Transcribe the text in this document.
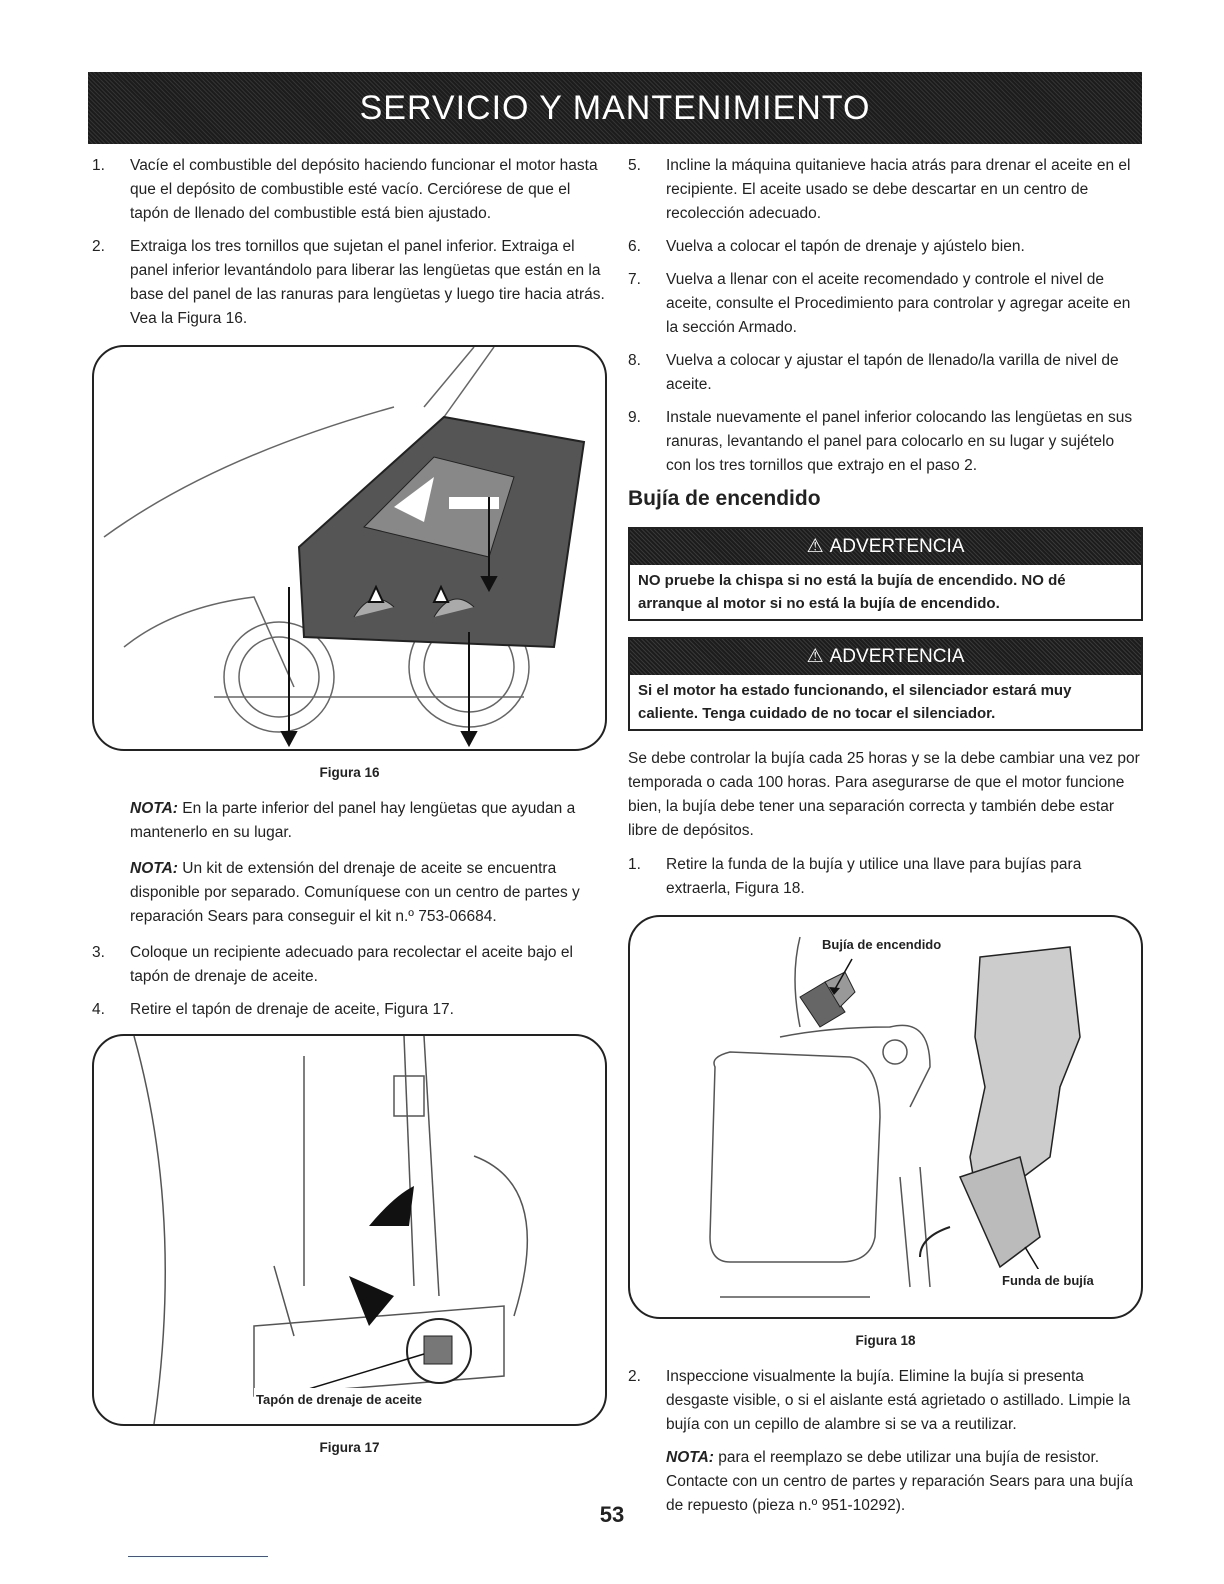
SERVICIO Y MANTENIMIENTO
1.	Vacíe el combustible del depósito haciendo funcionar el motor hasta que el depósito de combustible esté vacío. Cerciórese de que el tapón de llenado del combustible está bien ajustado.
2.	Extraiga los tres tornillos que sujetan el panel inferior. Extraiga el panel inferior levantándolo para liberar las lengüetas que están en la base del panel de las ranuras para lengüetas y luego tire hacia atrás. Vea la Figura 16.
Figura 16
NOTA: En la parte inferior del panel hay lengüetas que ayudan a mantenerlo en su lugar.
NOTA: Un kit de extensión del drenaje de aceite se encuentra disponible por separado. Comuníquese con un centro de partes y reparación Sears para conseguir el kit n.º 753-06684.
3.	Coloque un recipiente adecuado para recolectar el aceite bajo el tapón de drenaje de aceite.
4.	Retire el tapón de drenaje de aceite, Figura 17.
Tapón de drenaje de aceite
Figura 17
5.	Incline la máquina quitanieve hacia atrás para drenar el aceite en el recipiente. El aceite usado se debe descartar en un centro de recolección adecuado.
6.	Vuelva a colocar el tapón de drenaje y ajústelo bien.
7.	Vuelva a llenar con el aceite recomendado y controle el nivel de aceite, consulte el Procedimiento para controlar y agregar aceite en la sección Armado.
8.	Vuelva a colocar y ajustar el tapón de llenado/la varilla de nivel de aceite.
9.	Instale nuevamente el panel inferior colocando las lengüetas en sus ranuras, levantando el panel para colocarlo en su lugar y sujételo con los tres tornillos que extrajo en el paso 2.
Bujía de encendido
⚠ ADVERTENCIA
NO pruebe la chispa si no está la bujía de encendido. NO dé arranque al motor si no está la bujía de encendido.
⚠ ADVERTENCIA
Si el motor ha estado funcionando, el silenciador estará muy caliente. Tenga cuidado de no tocar el silenciador.
Se debe controlar la bujía cada 25 horas y se la debe cambiar una vez por temporada o cada 100 horas. Para asegurarse de que el motor funcione bien, la bujía debe tener una separación correcta y también debe estar libre de depósitos.
1.	Retire la funda de la bujía y utilice una llave para bujías para extraerla, Figura 18.
Bujía de encendido
Funda de bujía
Figura 18
2.	Inspeccione visualmente la bujía. Elimine la bujía si presenta desgaste visible, o si el aislante está agrietado o astillado. Limpie la bujía con un cepillo de alambre si se va a reutilizar.
NOTA: para el reemplazo se debe utilizar una bujía de resistor. Contacte con un centro de partes y reparación Sears para una bujía de repuesto (pieza n.º 951-10292).
53
